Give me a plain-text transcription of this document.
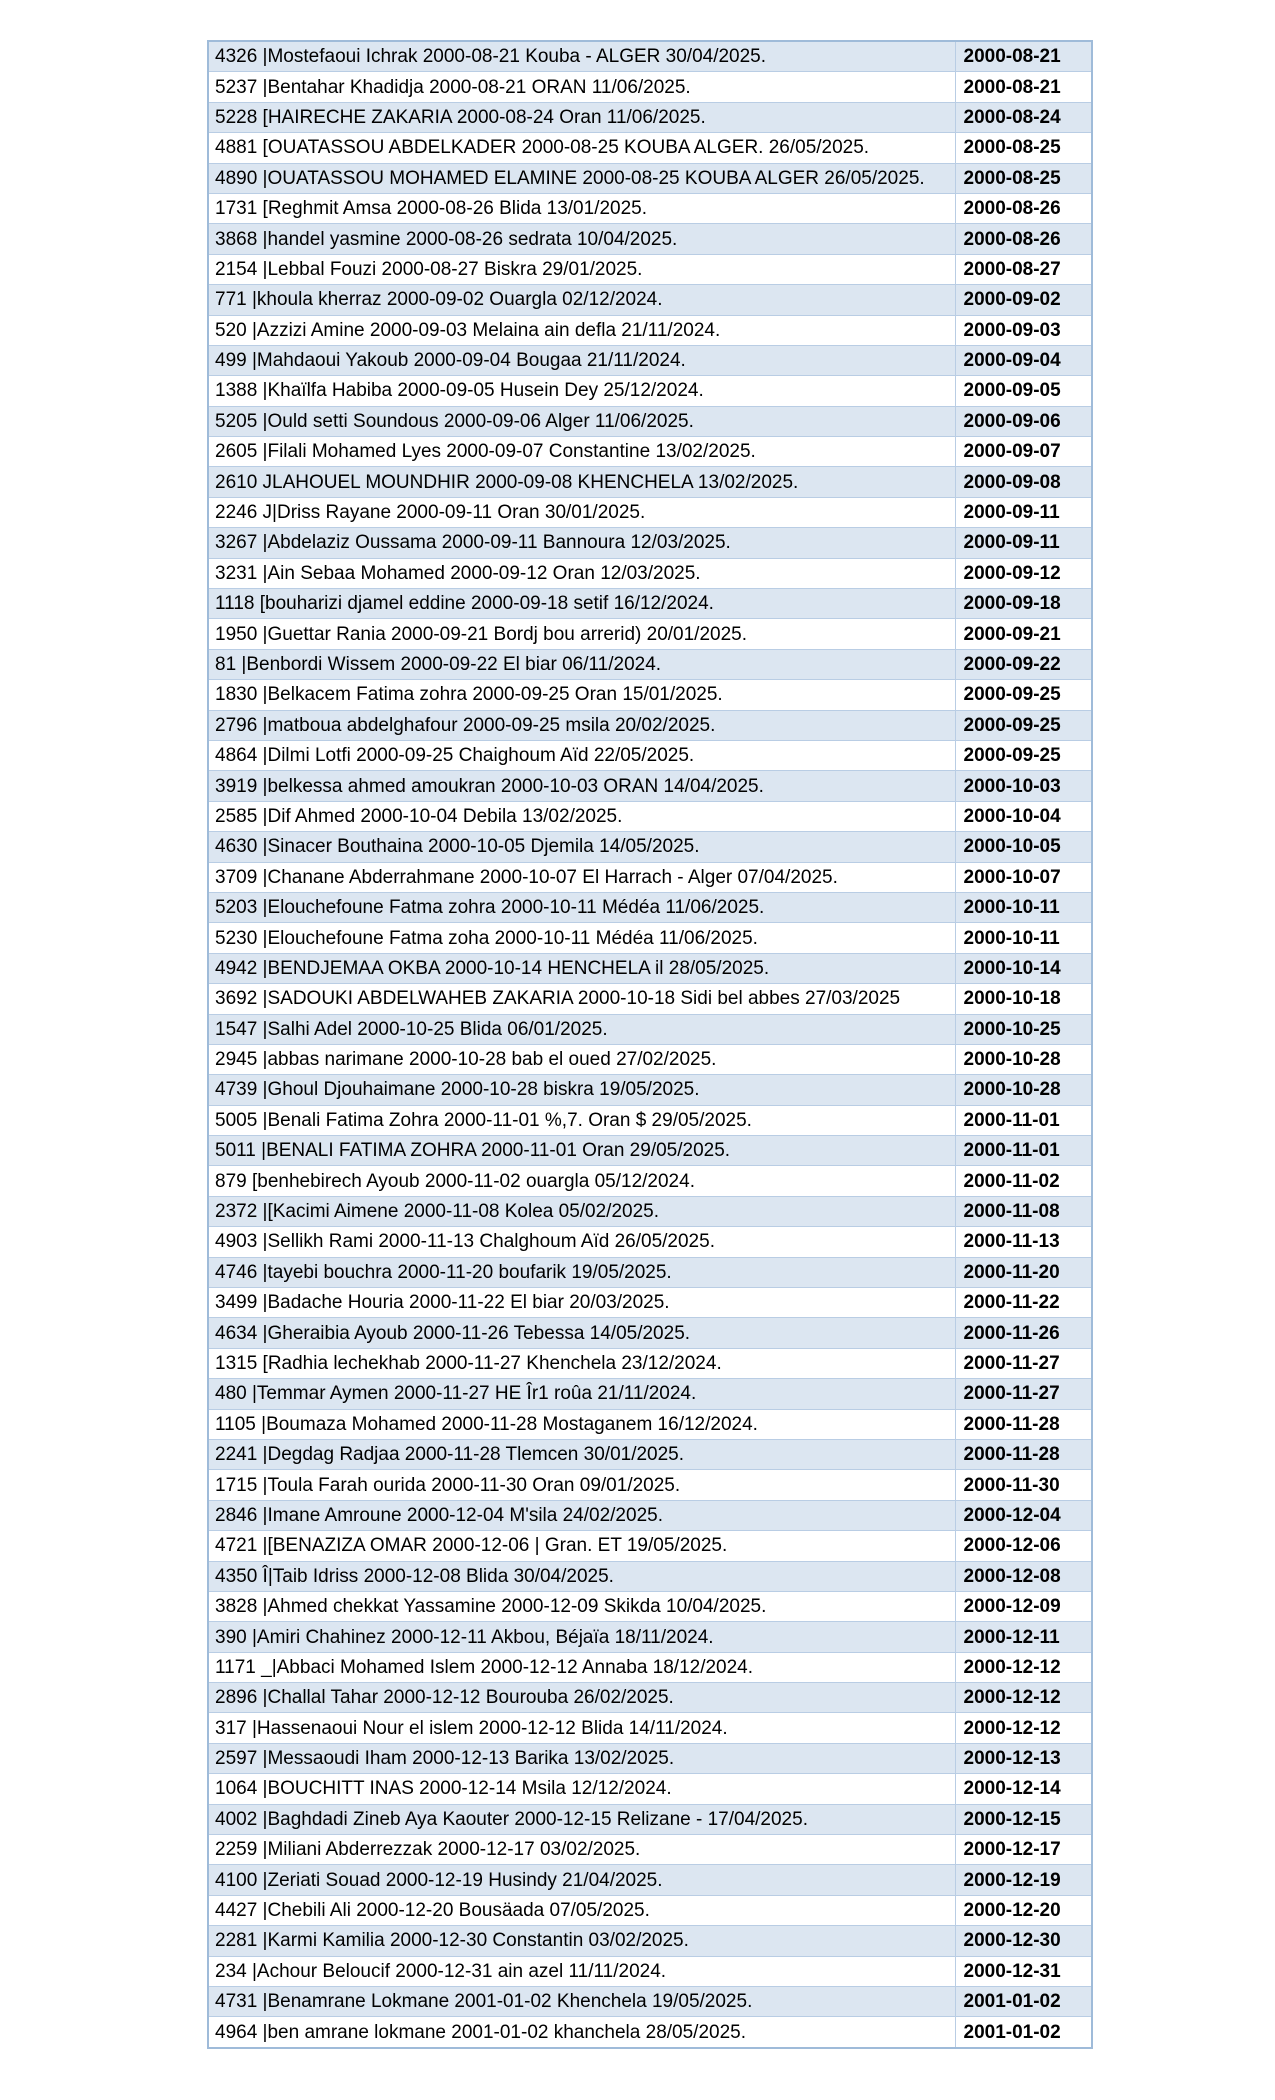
4326 |Mostefaoui Ichrak 2000-08-21 Kouba - ALGER 30/04/2025.	2000-08-21
5237 |Bentahar Khadidja 2000-08-21 ORAN 11/06/2025.	2000-08-21
5228 [HAIRECHE ZAKARIA 2000-08-24 Oran 11/06/2025.	2000-08-24
4881 [OUATASSOU ABDELKADER 2000-08-25 KOUBA ALGER. 26/05/2025.	2000-08-25
4890 |OUATASSOU MOHAMED ELAMINE 2000-08-25 KOUBA ALGER 26/05/2025.	2000-08-25
1731 [Reghmit Amsa 2000-08-26 Blida 13/01/2025.	2000-08-26
3868 |handel yasmine 2000-08-26 sedrata 10/04/2025.	2000-08-26
2154 |Lebbal Fouzi 2000-08-27 Biskra 29/01/2025.	2000-08-27
771 |khoula kherraz 2000-09-02 Ouargla 02/12/2024.	2000-09-02
520 |Azzizi Amine 2000-09-03 Melaina ain defla 21/11/2024.	2000-09-03
499 |Mahdaoui Yakoub 2000-09-04 Bougaa 21/11/2024.	2000-09-04
1388 |Khaïlfa Habiba 2000-09-05 Husein Dey 25/12/2024.	2000-09-05
5205 |Ould setti Soundous 2000-09-06 Alger 11/06/2025.	2000-09-06
2605 |Filali Mohamed Lyes 2000-09-07 Constantine 13/02/2025.	2000-09-07
2610 JLAHOUEL MOUNDHIR 2000-09-08 KHENCHELA 13/02/2025.	2000-09-08
2246 J|Driss Rayane 2000-09-11 Oran 30/01/2025.	2000-09-11
3267 |Abdelaziz Oussama 2000-09-11 Bannoura 12/03/2025.	2000-09-11
3231 |Ain Sebaa Mohamed 2000-09-12 Oran 12/03/2025.	2000-09-12
1118 [bouharizi djamel eddine 2000-09-18 setif 16/12/2024.	2000-09-18
1950 |Guettar Rania 2000-09-21 Bordj bou arrerid) 20/01/2025.	2000-09-21
81 |Benbordi Wissem 2000-09-22 El biar 06/11/2024.	2000-09-22
1830 |Belkacem Fatima zohra 2000-09-25 Oran 15/01/2025.	2000-09-25
2796 |matboua abdelghafour 2000-09-25 msila 20/02/2025.	2000-09-25
4864 |Dilmi Lotfi 2000-09-25 Chaighoum Aïd 22/05/2025.	2000-09-25
3919 |belkessa ahmed amoukran 2000-10-03 ORAN 14/04/2025.	2000-10-03
2585 |Dif Ahmed 2000-10-04 Debila 13/02/2025.	2000-10-04
4630 |Sinacer Bouthaina 2000-10-05 Djemila 14/05/2025.	2000-10-05
3709 |Chanane Abderrahmane 2000-10-07 El Harrach - Alger 07/04/2025.	2000-10-07
5203 |Elouchefoune Fatma zohra 2000-10-11 Médéa 11/06/2025.	2000-10-11
5230 |Elouchefoune Fatma zoha 2000-10-11 Médéa 11/06/2025.	2000-10-11
4942 |BENDJEMAA OKBA 2000-10-14 HENCHELA il 28/05/2025.	2000-10-14
3692 |SADOUKI ABDELWAHEB ZAKARIA 2000-10-18 Sidi bel abbes 27/03/2025	2000-10-18
1547 |Salhi Adel 2000-10-25 Blida 06/01/2025.	2000-10-25
2945 |abbas narimane 2000-10-28 bab el oued 27/02/2025.	2000-10-28
4739 |Ghoul Djouhaimane 2000-10-28 biskra 19/05/2025.	2000-10-28
5005 |Benali Fatima Zohra 2000-11-01 %,7. Oran $ 29/05/2025.	2000-11-01
5011 |BENALI FATIMA ZOHRA 2000-11-01 Oran 29/05/2025.	2000-11-01
879 [benhebirech Ayoub 2000-11-02 ouargla 05/12/2024.	2000-11-02
2372 |[Kacimi Aimene 2000-11-08 Kolea 05/02/2025.	2000-11-08
4903 |Sellikh Rami 2000-11-13 Chalghoum Aïd 26/05/2025.	2000-11-13
4746 |tayebi bouchra 2000-11-20 boufarik 19/05/2025.	2000-11-20
3499 |Badache Houria 2000-11-22 El biar 20/03/2025.	2000-11-22
4634 |Gheraibia Ayoub 2000-11-26 Tebessa 14/05/2025.	2000-11-26
1315 [Radhia lechekhab 2000-11-27 Khenchela 23/12/2024.	2000-11-27
480 |Temmar Aymen 2000-11-27 HE Îr1 roûa 21/11/2024.	2000-11-27
1105 |Boumaza Mohamed 2000-11-28 Mostaganem 16/12/2024.	2000-11-28
2241 |Degdag Radjaa 2000-11-28 Tlemcen 30/01/2025.	2000-11-28
1715 |Toula Farah ourida 2000-11-30 Oran 09/01/2025.	2000-11-30
2846 |Imane Amroune 2000-12-04 M'sila 24/02/2025.	2000-12-04
4721 |[BENAZIZA OMAR 2000-12-06 | Gran. ET 19/05/2025.	2000-12-06
4350 Î|Taib Idriss 2000-12-08 Blida 30/04/2025.	2000-12-08
3828 |Ahmed chekkat Yassamine 2000-12-09 Skikda 10/04/2025.	2000-12-09
390 |Amiri Chahinez 2000-12-11 Akbou, Béjaïa 18/11/2024.	2000-12-11
1171 _|Abbaci Mohamed Islem 2000-12-12 Annaba 18/12/2024.	2000-12-12
2896 |Challal Tahar 2000-12-12 Bourouba 26/02/2025.	2000-12-12
317 |Hassenaoui Nour el islem 2000-12-12 Blida 14/11/2024.	2000-12-12
2597 |Messaoudi Iham 2000-12-13 Barika 13/02/2025.	2000-12-13
1064 |BOUCHITT INAS 2000-12-14 Msila 12/12/2024.	2000-12-14
4002 |Baghdadi Zineb Aya Kaouter 2000-12-15 Relizane - 17/04/2025.	2000-12-15
2259 |Miliani Abderrezzak 2000-12-17 03/02/2025.	2000-12-17
4100 |Zeriati Souad 2000-12-19 Husindy 21/04/2025.	2000-12-19
4427 |Chebili Ali 2000-12-20 Bousäada 07/05/2025.	2000-12-20
2281 |Karmi Kamilia 2000-12-30 Constantin 03/02/2025.	2000-12-30
234 |Achour Beloucif 2000-12-31 ain azel 11/11/2024.	2000-12-31
4731 |Benamrane Lokmane 2001-01-02 Khenchela 19/05/2025.	2001-01-02
4964 |ben amrane lokmane 2001-01-02 khanchela 28/05/2025.	2001-01-02
